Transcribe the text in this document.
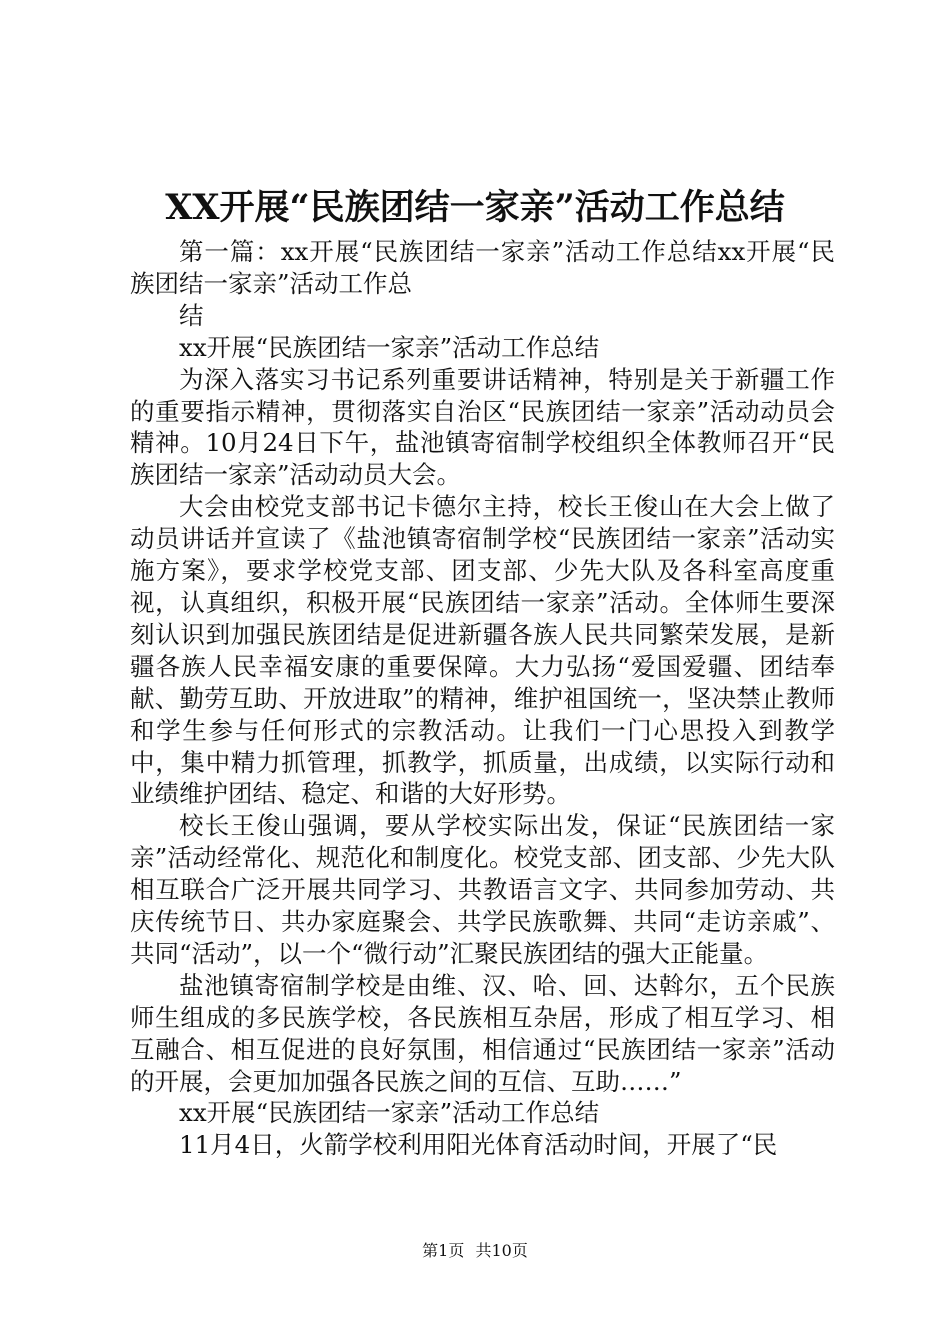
XX开展“民族团结一家亲”活动工作总结

第一篇：xx开展“民族团结一家亲”活动工作总结xx开展“民族团结一家亲”活动工作总

结

xx开展“民族团结一家亲”活动工作总结

为深入落实习书记系列重要讲话精神，特别是关于新疆工作的重要指示精神，贯彻落实自治区“民族团结一家亲”活动动员会精神。10月24日下午，盐池镇寄宿制学校组织全体教师召开“民族团结一家亲”活动动员大会。

大会由校党支部书记卡德尔主持，校长王俊山在大会上做了动员讲话并宣读了《盐池镇寄宿制学校“民族团结一家亲”活动实施方案》，要求学校党支部、团支部、少先大队及各科室高度重视，认真组织，积极开展“民族团结一家亲”活动。全体师生要深刻认识到加强民族团结是促进新疆各族人民共同繁荣发展，是新疆各族人民幸福安康的重要保障。大力弘扬“爱国爱疆、团结奉献、勤劳互助、开放进取”的精神，维护祖国统一，坚决禁止教师和学生参与任何形式的宗教活动。让我们一门心思投入到教学中，集中精力抓管理，抓教学，抓质量，出成绩，以实际行动和业绩维护团结、稳定、和谐的大好形势。

校长王俊山强调，要从学校实际出发，保证“民族团结一家亲”活动经常化、规范化和制度化。校党支部、团支部、少先大队相互联合广泛开展共同学习、共教语言文字、共同参加劳动、共庆传统节日、共办家庭聚会、共学民族歌舞、共同“走访亲戚”、共同“活动”，以一个“微行动”汇聚民族团结的强大正能量。

盐池镇寄宿制学校是由维、汉、哈、回、达斡尔，五个民族师生组成的多民族学校，各民族相互杂居，形成了相互学习、相互融合、相互促进的良好氛围，相信通过“民族团结一家亲”活动的开展，会更加加强各民族之间的互信、互助……”

xx开展“民族团结一家亲”活动工作总结

11月4日，火箭学校利用阳光体育活动时间，开展了“民

第1页 共10页
